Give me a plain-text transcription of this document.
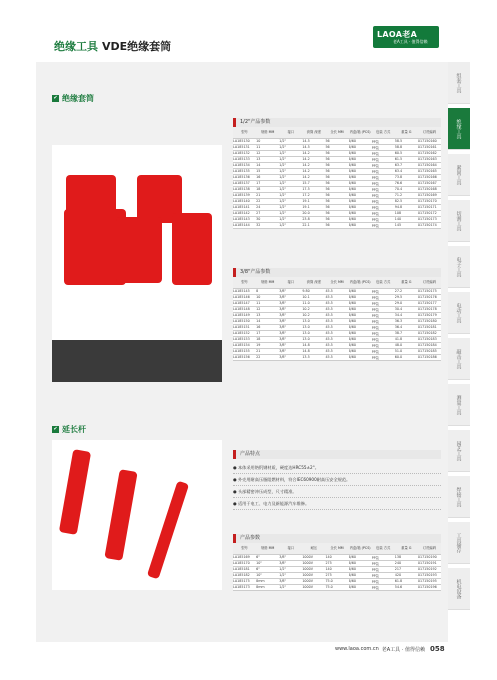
绝缘工具 VDE绝缘套筒
LAOA老A
老A工具 · 值得信赖
✔ 绝缘套筒
1/2"产品参数
型号	规格 MM	接口	套筒 深度	全长 MM	内盒/箱 (PCS)	包装 方式	重量 G	订货编码
LA185130	10	1/2"	14.5	56	6/60	PP袋	58.5	017150160
LA185131	11	1/2"	14.5	56	6/60	PP袋	58.8	017150161
LA185132	12	1/2"	14.2	56	6/60	PP袋	60.5	017150162
LA185133	13	1/2"	14.2	56	6/60	PP袋	61.5	017150163
LA185134	14	1/2"	14.2	56	6/60	PP袋	63.7	017150164
LA185135	15	1/2"	14.2	56	6/60	PP袋	63.4	017150165
LA185136	16	1/2"	14.2	56	6/60	PP袋	73.8	017150166
LA185137	17	1/2"	15.7	56	6/60	PP袋	76.6	017150167
LA185138	18	1/2"	17.5	56	6/60	PP袋	70.4	017150168
LA185139	21	1/2"	17.2	56	6/60	PP袋	71.2	017150169
LA185140	22	1/2"	19.1	56	6/60	PP袋	82.5	017150170
LA185141	24	1/2"	19.1	56	6/60	PP袋	94.8	017150171
LA185142	27	1/2"	20.0	56	6/60	PP袋	108	017150172
LA185143	30	1/2"	23.8	56	6/60	PP袋	140	017150173
LA185144	32	1/2"	22.1	56	6/60	PP袋	145	017150174
3/8"产品参数
型号	规格 MM	接口	套筒 深度	全长 MM	内盒/箱 (PCS)	包装 方式	重量 G	订货编码
LA185145	8	3/8"	9.80	45.5	6/60	PP袋	27.2	017150175
LA185146	10	3/8"	10.1	45.5	6/60	PP袋	29.5	017150176
LA185147	11	3/8"	11.0	45.5	6/60	PP袋	29.0	017150177
LA185148	12	3/8"	10.2	45.5	6/60	PP袋	30.4	017150178
LA185149	13	3/8"	10.2	45.5	6/60	PP袋	34.4	017150179
LA185150	14	3/8"	13.0	45.5	6/60	PP袋	36.3	017150180
LA185151	16	3/8"	13.0	45.5	6/60	PP袋	36.4	017150181
LA185152	17	3/8"	13.0	45.5	6/60	PP袋	38.7	017150182
LA185153	18	3/8"	13.0	45.5	6/60	PP袋	41.8	017150183
LA185154	19	3/8"	14.8	45.5	6/60	PP袋	48.0	017150184
LA185155	21	3/8"	14.8	45.5	6/60	PP袋	51.0	017150185
LA185156	22	3/8"	13.5	45.5	6/60	PP袋	60.0	017150186
✔ 延长杆
产品特点
● 本体采用铬钒钢材质，硬度达HRC55±2°。
● 外壳用耐高压脂阻燃材料，符合IEC60900耐高压安全规范。
● 头部精密冲压成型，尺寸精准。
● 适用于电工、电力及新能源汽车维修。
产品参数
型号	规格 MM	接口	耐压	全长 MM	内盒/箱 (PCS)	包装 方式	重量 G	订货编码
LA185169	6"	3/8"	1000V	140	6/60	PP袋	138	017150190
LA185170	10"	3/8"	1000V	275	6/60	PP袋	240	017150191
LA185181	6"	1/2"	1000V	140	6/60	PP袋	217	017150192
LA185182	10"	1/2"	1000V	275	6/60	PP袋	420	017150193
LA185175	8mm	3/8"	1000V	75.0	6/60	PP袋	61.8	017150195
LA185173	8mm	1/2"	1000V	75.0	6/60	PP袋	54.6	017150196
组套工具
绝缘工具
紧固工具
切割工具
电子工具
电动工具
敲击工具
测量工具
园艺工具
焊接工具
工具储存
机电设备
www.laoa.com.cn 老A工具 · 值得信赖 058
